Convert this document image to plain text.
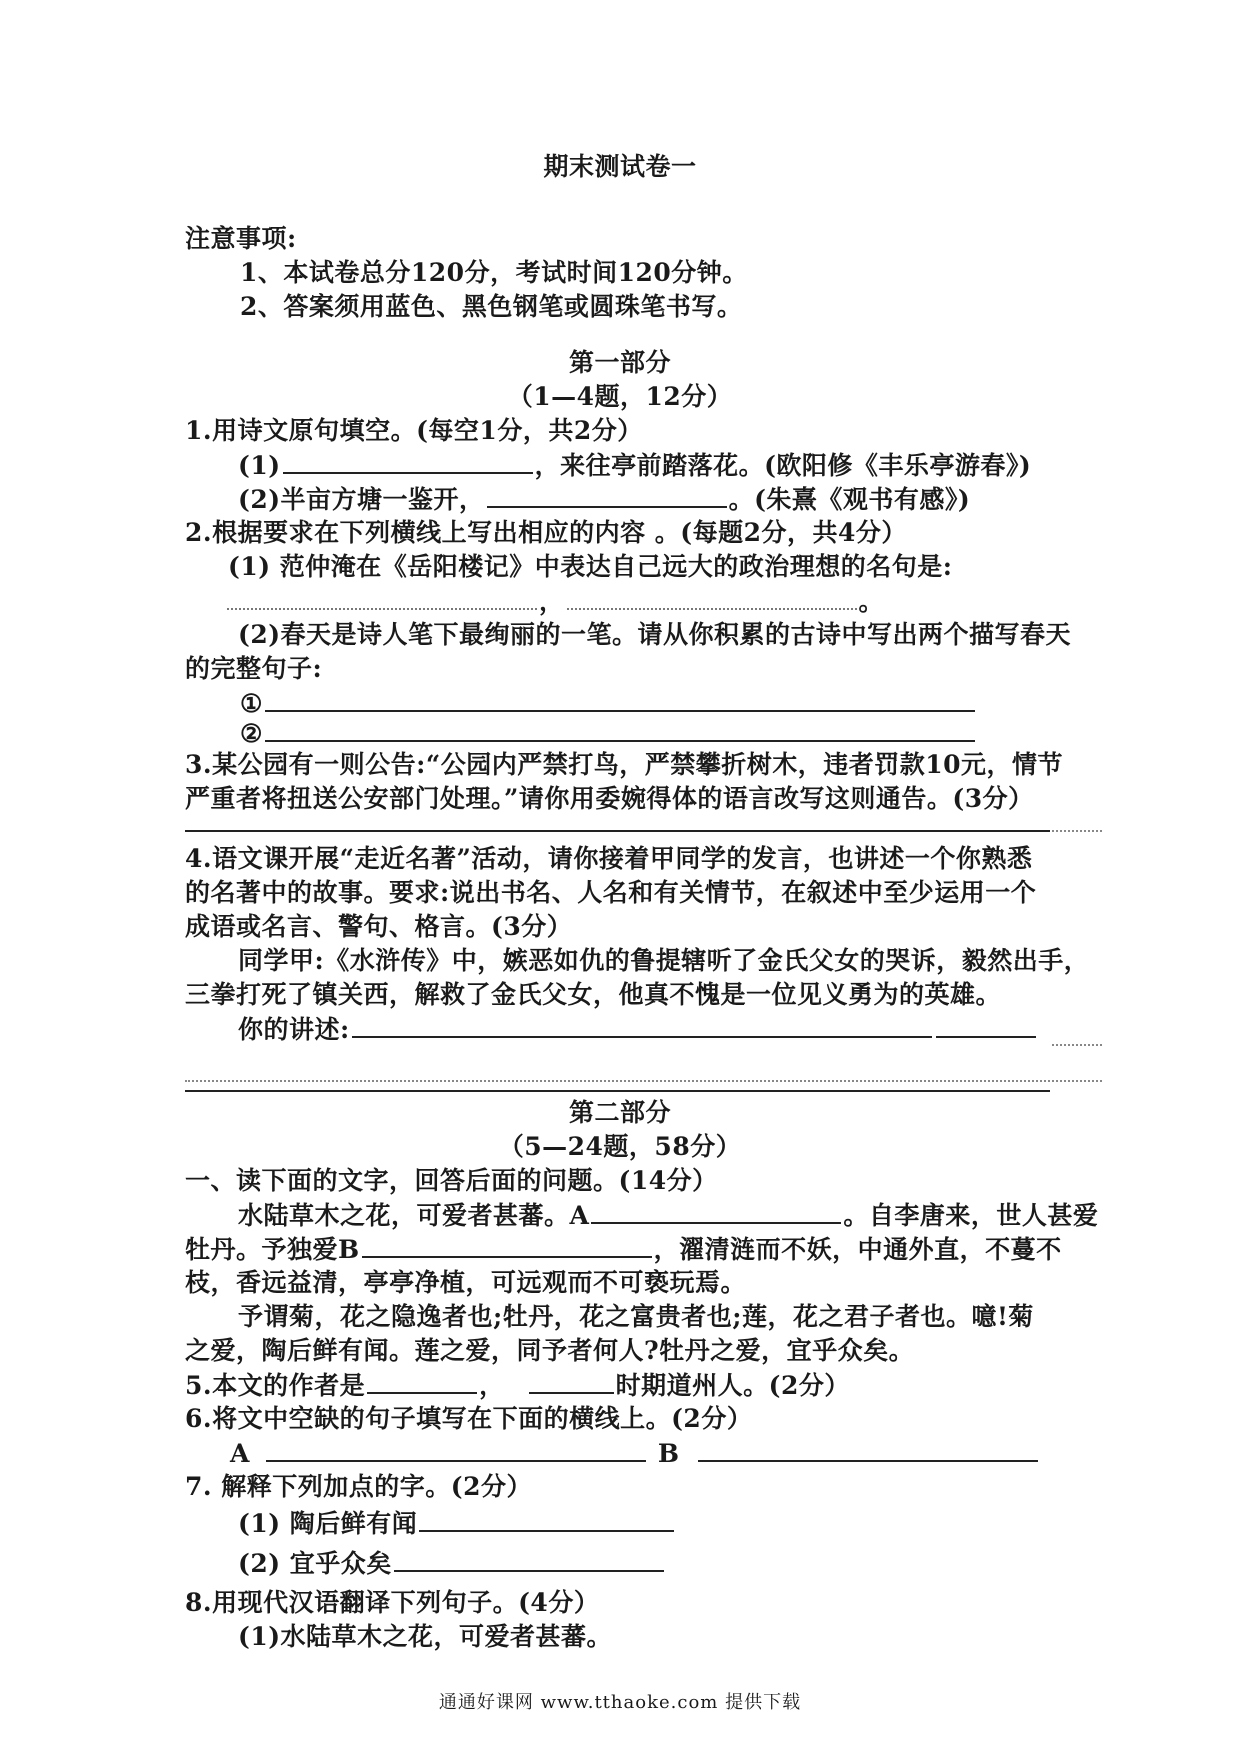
期末测试卷一
注意事项:
1、本试卷总分120分，考试时间120分钟。
2、答案须用蓝色、黑色钢笔或圆珠笔书写。
第一部分
（1—4题，12分）
1.用诗文原句填空。(每空1分，共2分）
(1)	，来往亭前踏落花。(欧阳修《丰乐亭游春》)
(2)半亩方塘一鉴开，	。(朱熹《观书有感》)
2.根据要求在下列横线上写出相应的内容 。(每题2分，共4分）
(1) 范仲淹在《岳阳楼记》中表达自己远大的政治理想的名句是:
，	。
(2)春天是诗人笔下最绚丽的一笔。请从你积累的古诗中写出两个描写春天
的完整句子:
①
②
3.某公园有一则公告:“公园内严禁打鸟，严禁攀折树木，违者罚款10元，情节
严重者将扭送公安部门处理。”请你用委婉得体的语言改写这则通告。(3分）
4.语文课开展“走近名著”活动，请你接着甲同学的发言，也讲述一个你熟悉
的名著中的故事。要求:说出书名、人名和有关情节，在叙述中至少运用一个
成语或名言、警句、格言。(3分）
同学甲:《水浒传》中，嫉恶如仇的鲁提辖听了金氏父女的哭诉，毅然出手，
三拳打死了镇关西，解救了金氏父女，他真不愧是一位见义勇为的英雄。
你的讲述:
第二部分
（5—24题，58分）
一、读下面的文字，回答后面的问题。(14分）
水陆草木之花，可爱者甚蕃。A	。自李唐来，世人甚爱
牡丹。予独爱B	，濯清涟而不妖，中通外直，不蔓不
枝，香远益清，亭亭净植，可远观而不可亵玩焉。
予谓菊，花之隐逸者也;牡丹，花之富贵者也;莲，花之君子者也。噫!菊
之爱，陶后鲜有闻。莲之爱，同予者何人?牡丹之爱，宜乎众矣。
5.本文的作者是	，	时期道州人。(2分）
6.将文中空缺的句子填写在下面的横线上。(2分）
A	B
7. 解释下列加点的字。(2分）
(1) 陶后鲜有闻
(2) 宜乎众矣
8.用现代汉语翻译下列句子。(4分）
(1)水陆草木之花，可爱者甚蕃。
通通好课网 www.tthaoke.com 提供下载
